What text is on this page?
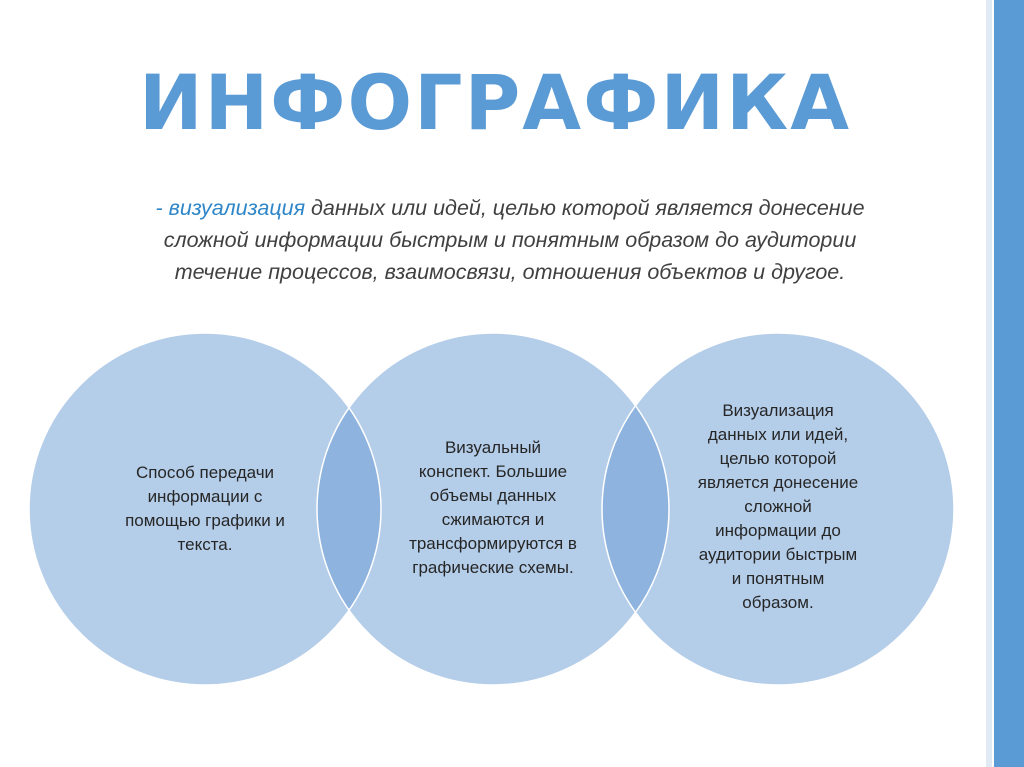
ИНФОГРАФИКА
- визуализация данных или идей, целью которой является донесение
сложной информации быстрым и понятным образом до аудитории
течение процессов, взаимосвязи, отношения объектов и другое.
Способ передачи
информации с
помощью графики и
текста.
Визуальный
конспект. Большие
объемы данных
сжимаются и
трансформируются в
графические схемы.
Визуализация
данных или идей,
целью которой
является донесение
сложной
информации до
аудитории быстрым
и понятным
образом.
